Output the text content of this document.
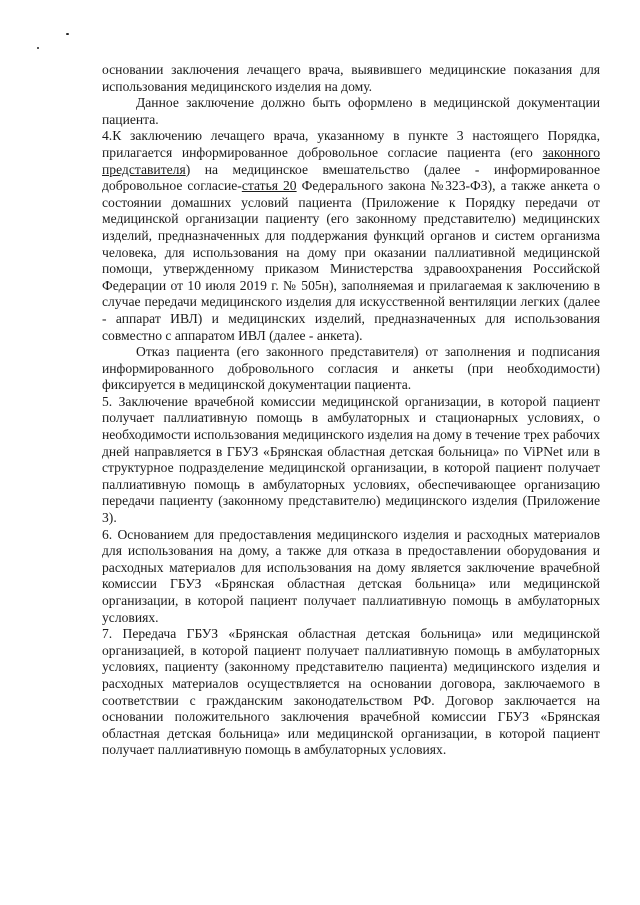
основании заключения лечащего врача, выявившего медицинские показания для использования медицинского изделия на дому.

Данное заключение должно быть оформлено в медицинской документации пациента.

4.К заключению лечащего врача, указанному в пункте 3 настоящего Порядка, прилагается информированное добровольное согласие пациента (его законного представителя) на медицинское вмешательство (далее - информированное добровольное согласие-статья 20 Федерального закона №323-ФЗ), а также анкета о состоянии домашних условий пациента (Приложение к Порядку передачи от медицинской организации пациенту (его законному представителю) медицинских изделий, предназначенных для поддержания функций органов и систем организма человека, для использования на дому при оказании паллиативной медицинской помощи, утвержденному приказом Министерства здравоохранения Российской Федерации от 10 июля 2019 г. № 505н), заполняемая и прилагаемая к заключению в случае передачи медицинского изделия для искусственной вентиляции легких (далее - аппарат ИВЛ) и медицинских изделий, предназначенных для использования совместно с аппаратом ИВЛ (далее - анкета).

Отказ пациента (его законного представителя) от заполнения и подписания информированного добровольного согласия и анкеты (при необходимости) фиксируется в медицинской документации пациента.

5. Заключение врачебной комиссии медицинской организации, в которой пациент получает паллиативную помощь в амбулаторных и стационарных условиях, о необходимости использования медицинского изделия на дому в течение трех рабочих дней направляется в ГБУЗ «Брянская областная детская больница» по ViPNet или в структурное подразделение медицинской организации, в которой пациент получает паллиативную помощь в амбулаторных условиях, обеспечивающее организацию передачи пациенту (законному представителю) медицинского изделия (Приложение 3).

6. Основанием для предоставления медицинского изделия и расходных материалов для использования на дому, а также для отказа в предоставлении оборудования и расходных материалов для использования на дому является заключение врачебной комиссии ГБУЗ «Брянская областная детская больница» или медицинской организации, в которой пациент получает паллиативную помощь в амбулаторных условиях.

7. Передача ГБУЗ «Брянская областная детская больница» или медицинской организацией, в которой пациент получает паллиативную помощь в амбулаторных условиях, пациенту (законному представителю пациента) медицинского изделия и расходных материалов осуществляется на основании договора, заключаемого в соответствии с гражданским законодательством РФ. Договор заключается на основании положительного заключения врачебной комиссии ГБУЗ «Брянская областная детская больница» или медицинской организации, в которой пациент получает паллиативную помощь в амбулаторных условиях.
